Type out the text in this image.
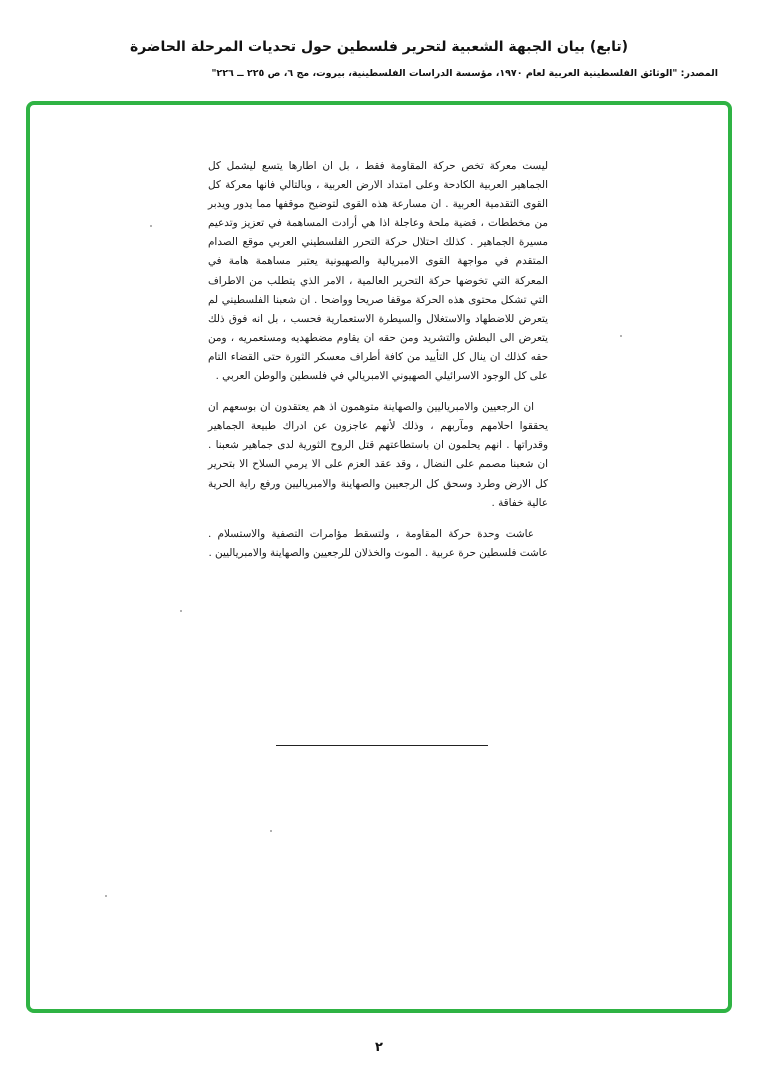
(تابع) بيان الجبهة الشعبية لتحرير فلسطين حول تحديات المرحلة الحاضرة
المصدر: "الوثائق الفلسطينية العربية لعام ١٩٧٠، مؤسسة الدراسات الفلسطينية، بيروت، مج ٦، ص ٢٢٥ ــ ٢٢٦"

ليست معركة تخص حركة المقاومة فقط ، بل ان اطارها يتسع ليشمل كل الجماهير العربية الكادحة وعلى امتداد الارض العربية ، وبالتالي فانها معركة كل القوى التقدمية العربية . ان مسارعة هذه القوى لتوضيح موقفها مما يدور ويدبر من مخططات ، قضية ملحة وعاجلة اذا هي أرادت المساهمة في تعزيز وتدعيم مسيرة الجماهير . كذلك احتلال حركة التحرر الفلسطيني العربي موقع الصدام المتقدم في مواجهة القوى الامبريالية والصهيونية يعتبر مساهمة هامة في المعركة التي تخوضها حركة التحرير العالمية ، الامر الذي يتطلب من الاطراف التي تشكل محتوى هذه الحركة موقفا صريحا وواضحا . ان شعبنا الفلسطيني لم يتعرض للاضطهاد والاستغلال والسيطرة الاستعمارية فحسب ، بل انه فوق ذلك يتعرض الى البطش والتشريد ومن حقه ان يقاوم مضطهديه ومستعمريه ، ومن حقه كذلك ان ينال كل التأييد من كافة أطراف معسكر الثورة حتى القضاء التام على كل الوجود الاسرائيلي الصهيوني الامبريالي في فلسطين والوطن العربي .

ان الرجعيين والامبرياليين والصهاينة متوهمون اذ هم يعتقدون ان بوسعهم ان يحققوا احلامهم ومآربهم ، وذلك لأنهم عاجزون عن ادراك طبيعة الجماهير وقدراتها . انهم يحلمون ان باستطاعتهم قتل الروح الثورية لدى جماهير شعبنا . ان شعبنا مصمم على النضال ، وقد عقد العزم على الا يرمي السلاح الا بتحرير كل الارض وطرد وسحق كل الرجعيين والصهاينة والامبرياليين ورفع راية الحرية عالية خفاقة .

عاشت وحدة حركة المقاومة ، ولتسقط مؤامرات التصفية والاستسلام . عاشت فلسطين حرة عربية . الموت والخذلان للرجعيين والصهاينة والامبرياليين .

٢
